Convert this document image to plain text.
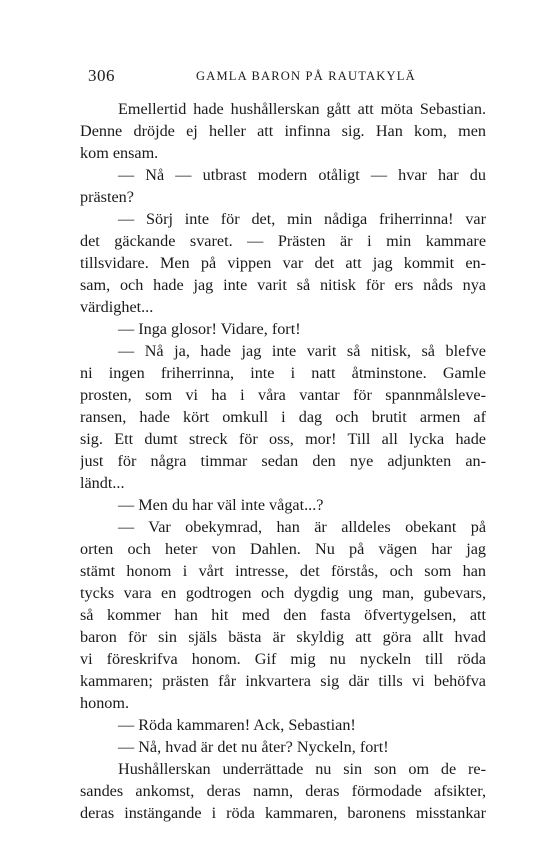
306	GAMLA BARON PÅ RAUTAKYLÄ
Emellertid hade hushållerskan gått att möta Sebastian.
Denne dröjde ej heller att infinna sig. Han kom, men
kom ensam.
— Nå — utbrast modern otåligt — hvar har du
prästen?
— Sörj inte för det, min nådiga friherrinna! var
det gäckande svaret. — Prästen är i min kammare
tillsvidare. Men på vippen var det att jag kommit en-
sam, och hade jag inte varit så nitisk för ers nåds nya
värdighet...
— Inga glosor! Vidare, fort!
— Nå ja, hade jag inte varit så nitisk, så blefve
ni ingen friherrinna, inte i natt åtminstone. Gamle
prosten, som vi ha i våra vantar för spannmålsleve-
ransen, hade kört omkull i dag och brutit armen af
sig. Ett dumt streck för oss, mor! Till all lycka hade
just för några timmar sedan den nye adjunkten an-
ländt...
— Men du har väl inte vågat...?
— Var obekymrad, han är alldeles obekant på
orten och heter von Dahlen. Nu på vägen har jag
stämt honom i vårt intresse, det förstås, och som han
tycks vara en godtrogen och dygdig ung man, gubevars,
så kommer han hit med den fasta öfvertygelsen, att
baron för sin själs bästa är skyldig att göra allt hvad
vi föreskrifva honom. Gif mig nu nyckeln till röda
kammaren; prästen får inkvartera sig där tills vi behöfva
honom.
— Röda kammaren! Ack, Sebastian!
— Nå, hvad är det nu åter? Nyckeln, fort!
Hushållerskan underrättade nu sin son om de re-
sandes ankomst, deras namn, deras förmodade afsikter,
deras instängande i röda kammaren, baronens misstankar
